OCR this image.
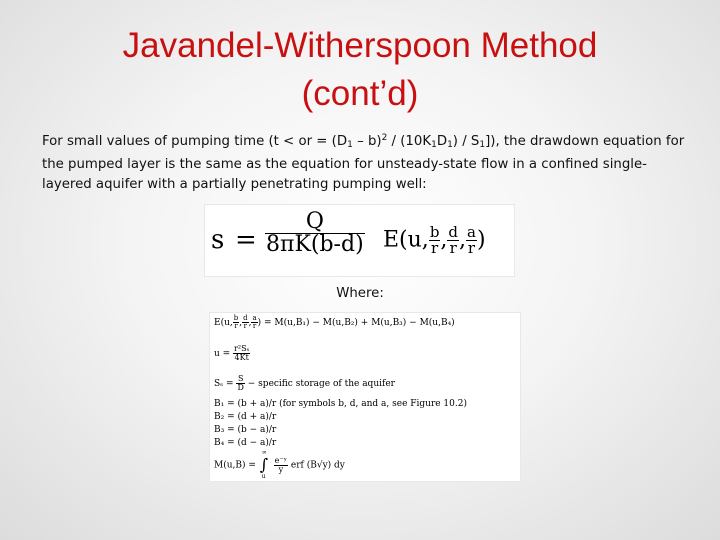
Javandel-Witherspoon Method
(cont’d)
For small values of pumping time (t < or = $(D_1 - b)^2 / (10K_1D_1) / S_1$]), the drawdown equation for the pumped layer is the same as the equation for unsteady-state flow in a confined single-layered aquifer with a partially penetrating pumping well:
$s = \frac{Q}{8\pi K(b-d)} E(u$, $\frac{b}{r}$ , $\frac{d}{r}$ , $\frac{a}{r}$ )
Where:
E(u, $\frac{b}{r}$ , $\frac{d}{r}$ , $\frac{a}{r}$ ) = M(u,B₁) − M(u,B₂) + M(u,B₃) − M(u,B₄)
$u = \frac{\text{r²Sₛ}}{4Kt}$
$S_s = \frac{S}{D}$ − specific storage of the aquifer
B₁ = (b + a)/r (for symbols b, d, and a, see Figure 10.2)
B₂ = (d + a)/r
B₃ = (b − a)/r
B₄ = (d − a)/r
M(u,B) =
∞
∫
u

$\frac{\text{e⁻ʸ}}{y}$ erf (B√y) dy
